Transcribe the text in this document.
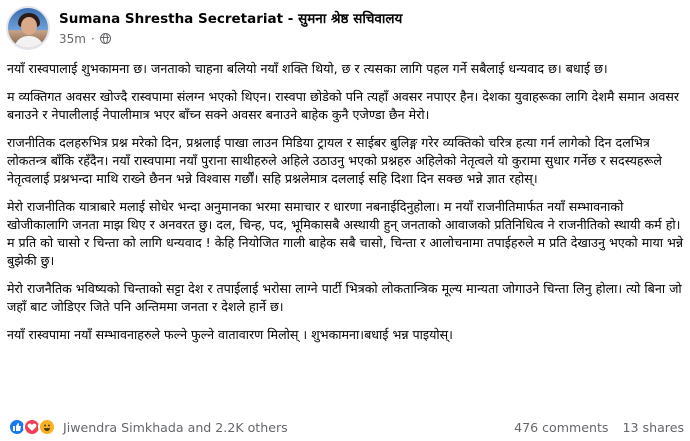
Sumana Shrestha Secretariat - सुमना श्रेष्ठ सचिवालय
35m ·

नयाँ रास्वपालाई शुभकामना छ। जनताको चाहना बलियो नयाँ शक्ति थियो, छ र त्यसका लागि पहल गर्ने सबैलाई धन्यवाद छ। बधाई छ।

म व्यक्तिगत अवसर खोज्दै रास्वपामा संलग्न भएको थिएन। रास्वपा छोडेको पनि त्यहाँ अवसर नपाएर हैन। देशका युवाहरूका लागि देशमै समान अवसर बनाउने र नेपालीलाई नेपालीमात्र भएर बाँच्न सक्ने अवसर बनाउने बाहेक कुनै एजेण्डा छैन मेरो।

राजनीतिक दलहरुभित्र प्रश्न मरेको दिन, प्रश्नलाई पाखा लाउन मिडिया ट्रायल र साईबर बुलिङ्ग गरेर व्यक्तिको चरित्र हत्या गर्न लागेको दिन दलभित्र लोकतन्त्र बाँकि रहँदैन। नयाँ रास्वपामा नयाँ पुराना साथीहरुले अहिले उठाउनु भएको प्रश्नहरु अहिलेको नेतृत्वले यो कुरामा सुधार गर्नेछ र सदस्यहरूले नेतृत्वलाई प्रश्नभन्दा माथि राख्ने छैनन भन्ने विश्वास गर्छौं। सहि प्रश्नलेमात्र दललाई सहि दिशा दिन सक्छ भन्ने ज्ञात रहोस्।

मेरो राजनीतिक यात्राबारे मलाई सोधेर भन्दा अनुमानका भरमा समाचार र धारणा नबनाईदिनुहोला। म नयाँ राजनीतिमार्फत नयाँ सम्भावनाको खोजीकालागि जनता माझ थिए र अनवरत छु। दल, चिन्ह, पद, भूमिकासबै अस्थायी हुन् जनताको आवाजको प्रतिनिधित्व ने राजनीतिको स्थायी कर्म हो। म प्रति को चासो र चिन्ता को लागि धन्यवाद ! केहि नियोजित गाली बाहेक सबै चासो, चिन्ता र आलोचनामा तपाईहरुले म प्रति देखाउनु भएको माया भन्ने बुझेकी छु।

मेरो राजनैतिक भविष्यको चिन्ताको सट्टा देश र तपाईलाई भरोसा लाग्ने पार्टी भित्रको लोकतान्त्रिक मूल्य मान्यता जोगाउने चिन्ता लिनु होला। त्यो बिना जो जहाँ बाट जोडिएर जिते पनि अन्तिममा जनता र देशले हार्ने छ।

नयाँ रास्वपामा नयाँ सम्भावनाहरुले फल्ने फुल्ने वातावारण मिलोस् । शुभकामना।बधाई भन्न पाइयोस्।

Jiwendra Simkhada and 2.2K others	476 comments 13 shares
